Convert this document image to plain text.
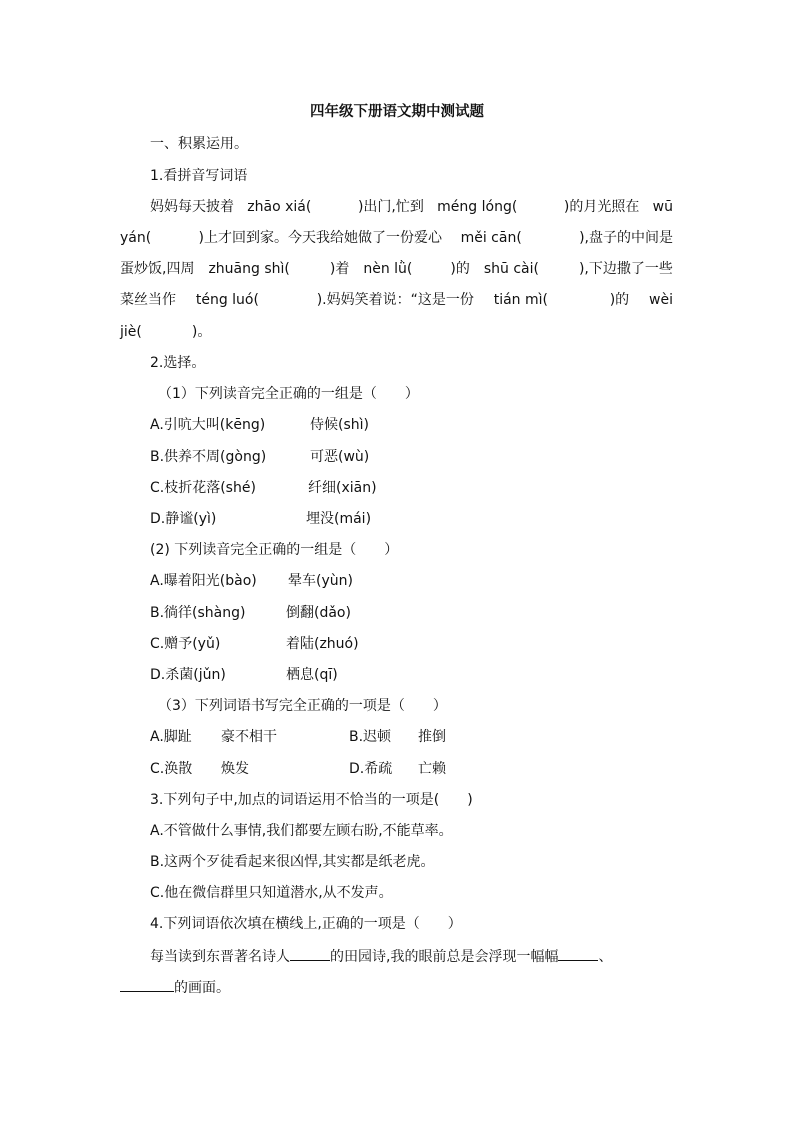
四年级下册语文期中测试题
一、积累运用。
1.看拼音写词语
妈妈每天披着 zhāo xiá(	)出门,忙到 méng lóng(	)的月光照在 wū
yán(	)上才回到家。今天我给她做了一份爱心 měi cān(	),盘子的中间是
蛋炒饭,四周 zhuāng shì(	)着 nèn lǜ(	)的 shū cài(	),下边撒了一些
菜丝当作 téng luó(	).妈妈笑着说：“这是一份 tián mì(	)的 wèi
jiè(	)。
2.选择。
（1）下列读音完全正确的一组是（　　）
A.引吭大叫(kēng)	侍候(shì)
B.供养不周(gòng)	可恶(wù)
C.枝折花落(shé)	纤细(xiān)
D.静谧(yì)	埋没(mái)
(2) 下列读音完全正确的一组是（　　）
A.曝着阳光(bào) 晕车(yùn)
B.徜徉(shàng)	倒翻(dǎo)
C.赠予(yǔ)	着陆(zhuó)
D.杀菌(jǔn)	栖息(qī)
（3）下列词语书写完全正确的一项是（　　）
A.脚趾 豪不相干	B.迟顿 推倒
C.涣散 焕发	D.希疏 亡赖
3.下列句子中,加点的词语运用不恰当的一项是(　　)
A.不管做什么事情,我们都要左顾右盼,不能草率。
B.这两个歹徒看起来很凶悍,其实都是纸老虎。
C.他在微信群里只知道潜水,从不发声。
4.下列词语依次填在横线上,正确的一项是（　　）
每当读到东晋著名诗人	的田园诗,我的眼前总是会浮现一幅幅	、
的画面。
